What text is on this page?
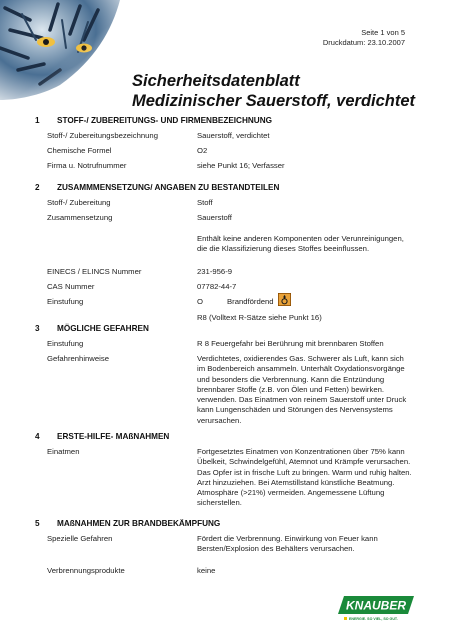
Seite 1 von 5
Druckdatum: 23.10.2007
Sicherheitsdatenblatt
Medizinischer Sauerstoff, verdichtet
1 STOFF-/ ZUBEREITUNGS- UND FIRMENBEZEICHNUNG
Stoff-/ Zubereitungsbezeichnung	Sauerstoff, verdichtet
Chemische Formel	O2
Firma u. Notrufnummer	siehe Punkt 16; Verfasser
2 ZUSAMMMENSETZUNG/ ANGABEN ZU BESTANDTEILEN
Stoff-/ Zubereitung	Stoff
Zusammensetzung	Sauerstoff
Enthält keine anderen Komponenten oder Verunreinigungen, die die Klassifizierung dieses Stoffes beeinflussen.
EINECS / ELINCS Nummer	231-956-9
CAS Nummer	07782-44-7
Einstufung	O	Brandfördend
R8 (Volltext R-Sätze siehe Punkt 16)
3 MÖGLICHE GEFAHREN
Einstufung	R 8 Feuergefahr bei Berührung mit brennbaren Stoffen
Gefahrenhinweise	Verdichtetes, oxidierendes Gas. Schwerer als Luft, kann sich im Bodenbereich ansammeln. Unterhält Oxydationsvorgänge und besonders die Verbrennung. Kann die Entzündung brennbarer Stoffe (z.B. von Ölen und Fetten) bewirken. verwenden. Das Einatmen von reinem Sauerstoff unter Druck kann Lungenschäden und Störungen des Nervensystems verursachen.
4 ERSTE-HILFE- MAßNAHMEN
Einatmen	Fortgesetztes Einatmen von Konzentrationen über 75% kann Übelkeit, Schwindelgefühl, Atemnot und Krämpfe verursachen. Das Opfer ist in frische Luft zu bringen. Warm und ruhig halten. Arzt hinzuziehen. Bei Atemstillstand künstliche Beatmung. Atmosphäre (>21%) vermeiden. Angemessene Lüftung sicherstellen.
5 MAßNAHMEN ZUR BRANDBEKÄMPFUNG
Spezielle Gefahren	Fördert die Verbrennung. Einwirkung von Feuer kann Bersten/Explosion des Behälters verursachen.
Verbrennungsprodukte	keine
KNAUBER
ENERGIE. SO VIEL, SO GUT.
